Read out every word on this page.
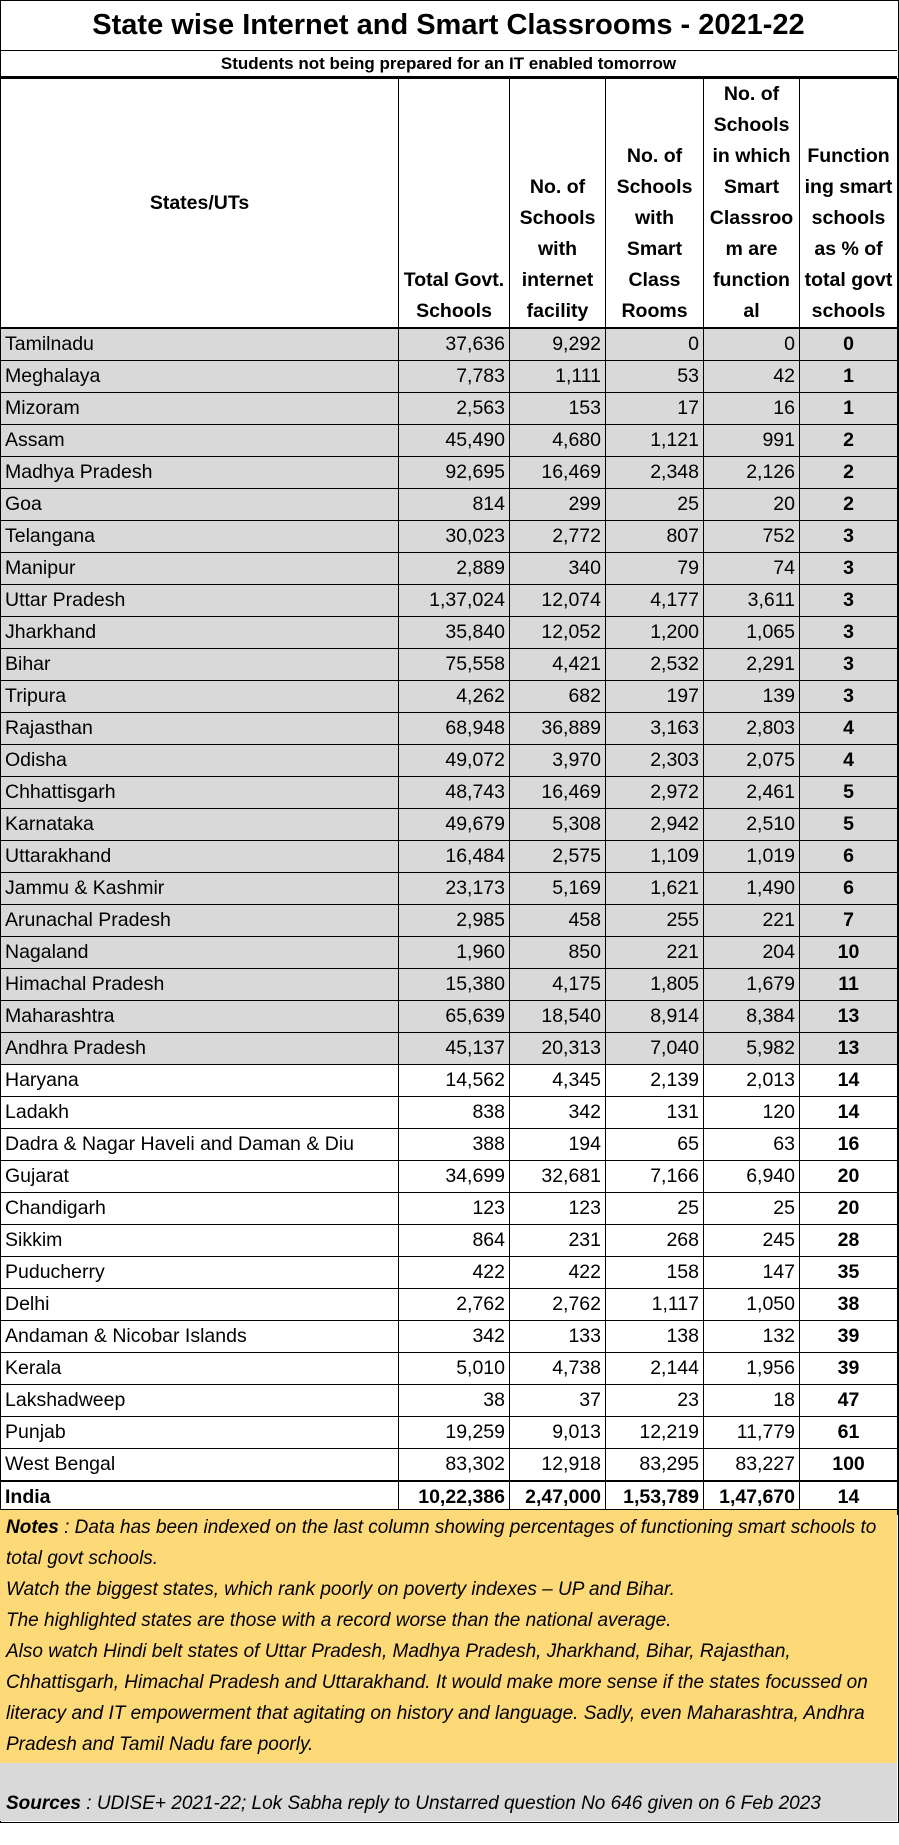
State wise Internet and Smart Classrooms - 2021-22
Students not being prepared for an IT enabled tomorrow
States/UTs	Total Govt. Schools	No. of Schools with internet facility	No. of Schools with Smart Class Rooms	No. of Schools in which Smart Classroo m are function al	Function ing smart schools as % of total govt schools
Tamilnadu	37,636	9,292	0	0	0
Meghalaya	7,783	1,111	53	42	1
Mizoram	2,563	153	17	16	1
Assam	45,490	4,680	1,121	991	2
Madhya Pradesh	92,695	16,469	2,348	2,126	2
Goa	814	299	25	20	2
Telangana	30,023	2,772	807	752	3
Manipur	2,889	340	79	74	3
Uttar Pradesh	1,37,024	12,074	4,177	3,611	3
Jharkhand	35,840	12,052	1,200	1,065	3
Bihar	75,558	4,421	2,532	2,291	3
Tripura	4,262	682	197	139	3
Rajasthan	68,948	36,889	3,163	2,803	4
Odisha	49,072	3,970	2,303	2,075	4
Chhattisgarh	48,743	16,469	2,972	2,461	5
Karnataka	49,679	5,308	2,942	2,510	5
Uttarakhand	16,484	2,575	1,109	1,019	6
Jammu & Kashmir	23,173	5,169	1,621	1,490	6
Arunachal Pradesh	2,985	458	255	221	7
Nagaland	1,960	850	221	204	10
Himachal Pradesh	15,380	4,175	1,805	1,679	11
Maharashtra	65,639	18,540	8,914	8,384	13
Andhra Pradesh	45,137	20,313	7,040	5,982	13
Haryana	14,562	4,345	2,139	2,013	14
Ladakh	838	342	131	120	14
Dadra & Nagar Haveli and Daman & Diu	388	194	65	63	16
Gujarat	34,699	32,681	7,166	6,940	20
Chandigarh	123	123	25	25	20
Sikkim	864	231	268	245	28
Puducherry	422	422	158	147	35
Delhi	2,762	2,762	1,117	1,050	38
Andaman & Nicobar Islands	342	133	138	132	39
Kerala	5,010	4,738	2,144	1,956	39
Lakshadweep	38	37	23	18	47
Punjab	19,259	9,013	12,219	11,779	61
West Bengal	83,302	12,918	83,295	83,227	100
India	10,22,386	2,47,000	1,53,789	1,47,670	14
Notes : Data has been indexed on the last column showing percentages of functioning smart schools to total govt schools.
Watch the biggest states, which rank poorly on poverty indexes – UP and Bihar.
The highlighted states are those with a record worse than the national average.
Also watch Hindi belt states of Uttar Pradesh, Madhya Pradesh, Jharkhand, Bihar, Rajasthan, Chhattisgarh, Himachal Pradesh and Uttarakhand. It would make more sense if the states focussed on literacy and IT empowerment that agitating on history and language. Sadly, even Maharashtra, Andhra Pradesh and Tamil Nadu fare poorly.
Sources : UDISE+ 2021-22; Lok Sabha reply to Unstarred question No 646 given on 6 Feb 2023
